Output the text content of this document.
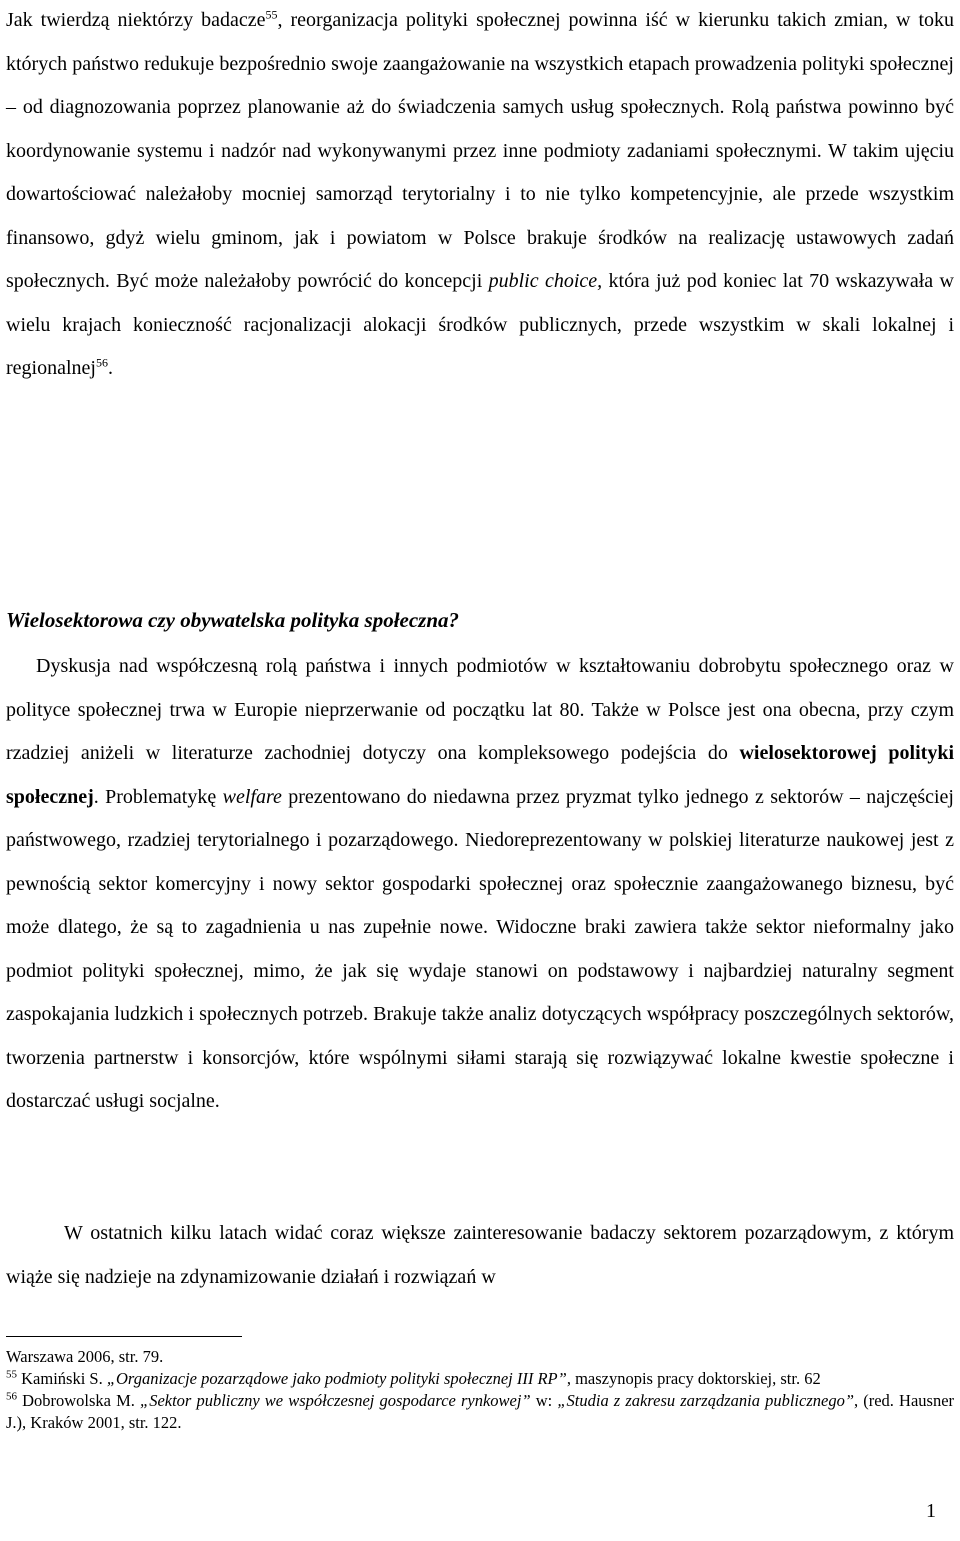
Jak twierdzą niektórzy badacze$^{55}$, reorganizacja polityki społecznej powinna iść w kierunku takich zmian, w toku których państwo redukuje bezpośrednio swoje zaangażowanie na wszystkich etapach prowadzenia polityki społecznej – od diagnozowania poprzez planowanie aż do świadczenia samych usług społecznych. Rolą państwa powinno być koordynowanie systemu i nadzór nad wykonywanymi przez inne podmioty zadaniami społecznymi. W takim ujęciu dowartościować należałoby mocniej samorząd terytorialny i to nie tylko kompetencyjnie, ale przede wszystkim finansowo, gdyż wielu gminom, jak i powiatom w Polsce brakuje środków na realizację ustawowych zadań społecznych. Być może należałoby powrócić do koncepcji public choice, która już pod koniec lat 70 wskazywała w wielu krajach konieczność racjonalizacji alokacji środków publicznych, przede wszystkim w skali lokalnej i regionalnej$^{56}$.

Wielosektorowa czy obywatelska polityka społeczna?

Dyskusja nad współczesną rolą państwa i innych podmiotów w kształtowaniu dobrobytu społecznego oraz w polityce społecznej trwa w Europie nieprzerwanie od początku lat 80. Także w Polsce jest ona obecna, przy czym rzadziej aniżeli w literaturze zachodniej dotyczy ona kompleksowego podejścia do wielosektorowej polityki społecznej. Problematykę welfare prezentowano do niedawna przez pryzmat tylko jednego z sektorów – najczęściej państwowego, rzadziej terytorialnego i pozarządowego. Niedoreprezentowany w polskiej literaturze naukowej jest z pewnością sektor komercyjny i nowy sektor gospodarki społecznej oraz społecznie zaangażowanego biznesu, być może dlatego, że są to zagadnienia u nas zupełnie nowe. Widoczne braki zawiera także sektor nieformalny jako podmiot polityki społecznej, mimo, że jak się wydaje stanowi on podstawowy i najbardziej naturalny segment zaspokajania ludzkich i społecznych potrzeb. Brakuje także analiz dotyczących współpracy poszczególnych sektorów, tworzenia partnerstw i konsorcjów, które wspólnymi siłami starają się rozwiązywać lokalne kwestie społeczne i dostarczać usługi socjalne.

W ostatnich kilku latach widać coraz większe zainteresowanie badaczy sektorem pozarządowym, z którym wiąże się nadzieje na zdynamizowanie działań i rozwiązań w

Warszawa 2006, str. 79.

$^{55}$ Kamiński S. „Organizacje pozarządowe jako podmioty polityki społecznej III RP”, maszynopis pracy doktorskiej, str. 62

$^{56}$ Dobrowolska M. „Sektor publiczny we współczesnej gospodarce rynkowej” w: „Studia z zakresu zarządzania publicznego”, (red. Hausner J.), Kraków 2001, str. 122.

1
